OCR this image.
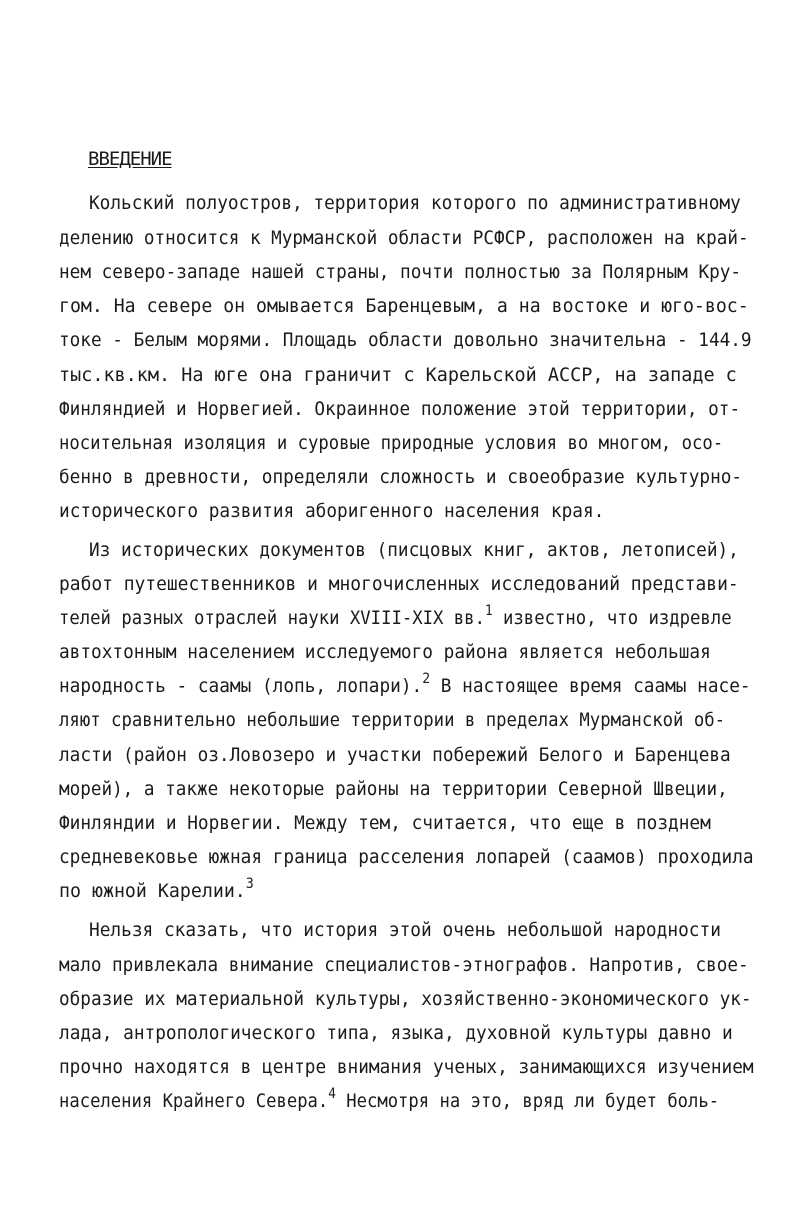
ВВЕДЕНИЕ
Кольский полуостров, территория которого по административному
делению относится к Мурманской области РСФСР, расположен на край-
нем северо-западе нашей страны, почти полностью за Полярным Кру-
гом. На севере он омывается Баренцевым, а на востоке и юго-вос-
токе - Белым морями. Площадь области довольно значительна - 144.9
тыс.кв.км. На юге она граничит с Карельской АССР, на западе с
Финляндией и Норвегией. Окраинное положение этой территории, от-
носительная изоляция и суровые природные условия во многом, осо-
бенно в древности, определяли сложность и своеобразие культурно-
исторического развития аборигенного населения края.
Из исторических документов (писцовых книг, актов, летописей),
работ путешественников и многочисленных исследований представи-
телей разных отраслей науки ХVIII-XIX вв.$^1$ известно, что издревле
автохтонным населением исследуемого района является небольшая
народность - саамы (лопь, лопари).$^2$ В настоящее время саамы насе-
ляют сравнительно небольшие территории в пределах Мурманской об-
ласти (район оз.Ловозеро и участки побережий Белого и Баренцева
морей), а также некоторые районы на территории Северной Швеции,
Финляндии и Норвегии. Между тем, считается, что еще в позднем
средневековье южная граница расселения лопарей (саамов) проходила
по южной Карелии.$^3$
Нельзя сказать, что история этой очень небольшой народности
мало привлекала внимание специалистов-этнографов. Напротив, свое-
образие их материальной культуры, хозяйственно-экономического ук-
лада, антропологического типа, языка, духовной культуры давно и
прочно находятся в центре внимания ученых, занимающихся изучением
населения Крайнего Севера.$^4$ Несмотря на это, вряд ли будет боль-
